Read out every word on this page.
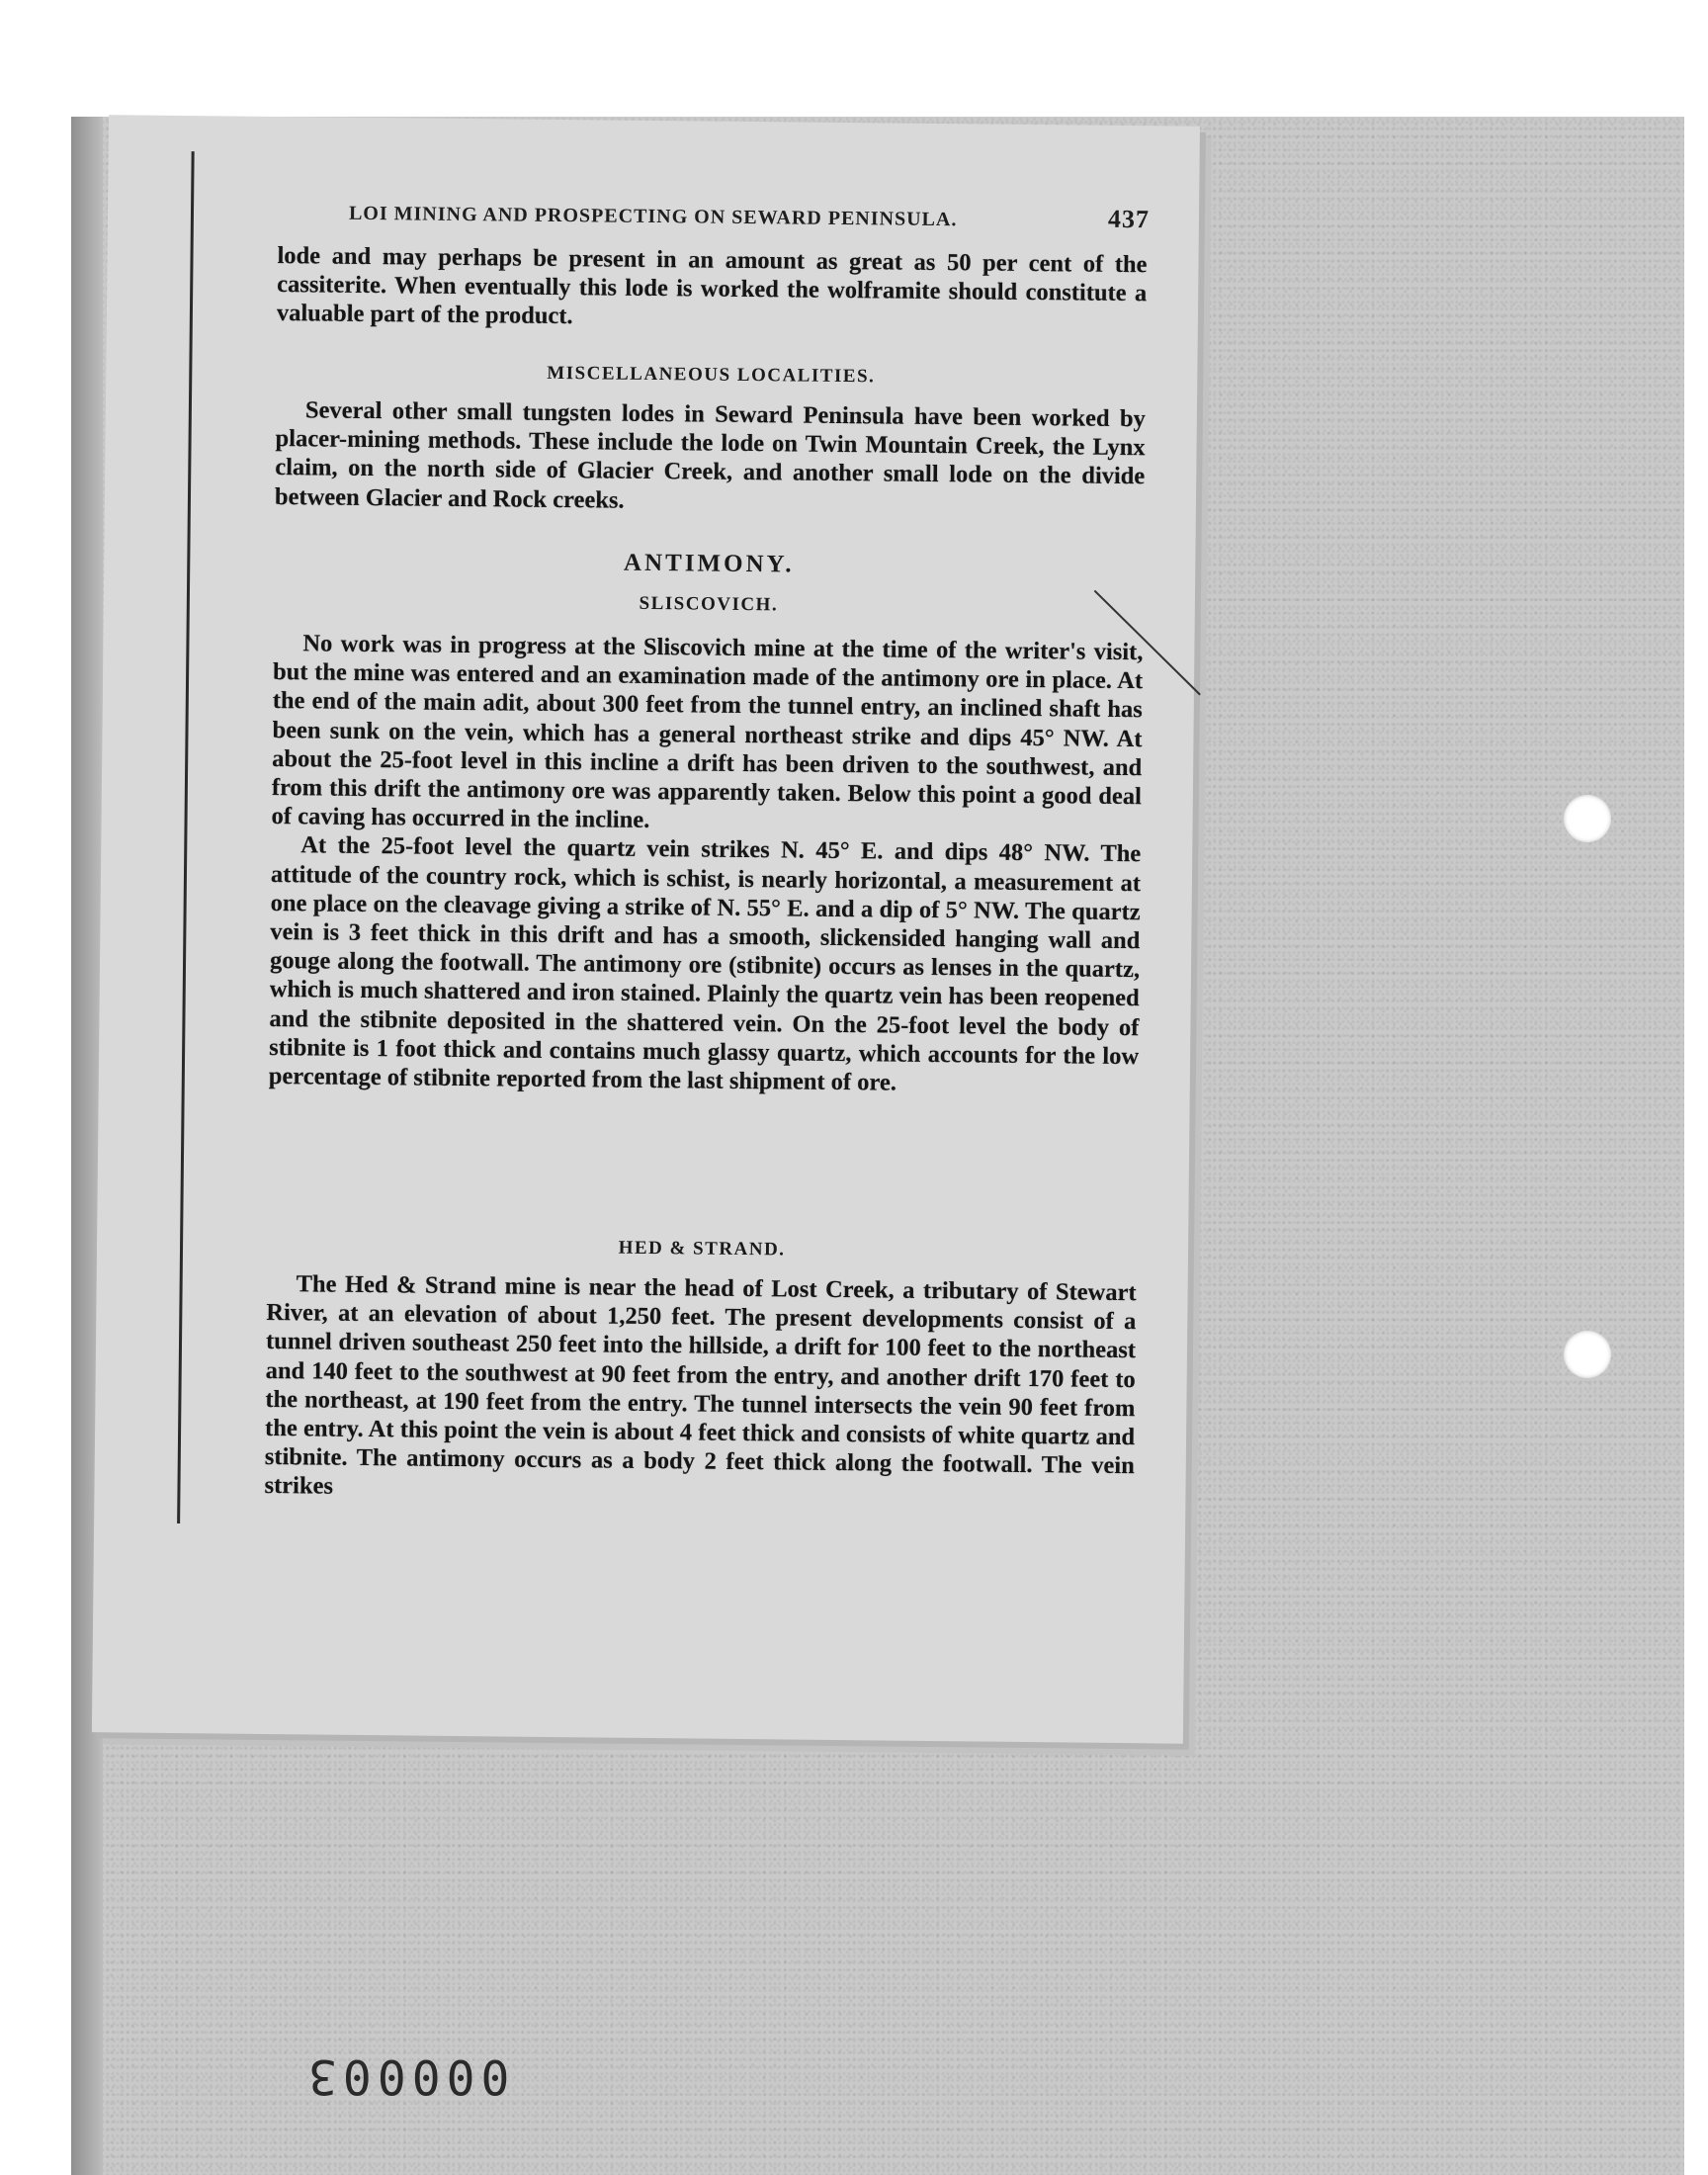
LOI MINING AND PROSPECTING ON SEWARD PENINSULA.	437

lode and may perhaps be present in an amount as great as 50 per cent of the cassiterite. When eventually this lode is worked the wolframite should constitute a valuable part of the product.

MISCELLANEOUS LOCALITIES.

Several other small tungsten lodes in Seward Peninsula have been worked by placer-mining methods. These include the lode on Twin Mountain Creek, the Lynx claim, on the north side of Glacier Creek, and another small lode on the divide between Glacier and Rock creeks.

ANTIMONY.
SLISCOVICH.

No work was in progress at the Sliscovich mine at the time of the writer's visit, but the mine was entered and an examination made of the antimony ore in place. At the end of the main adit, about 300 feet from the tunnel entry, an inclined shaft has been sunk on the vein, which has a general northeast strike and dips 45° NW. At about the 25-foot level in this incline a drift has been driven to the southwest, and from this drift the antimony ore was apparently taken. Below this point a good deal of caving has occurred in the incline.

At the 25-foot level the quartz vein strikes N. 45° E. and dips 48° NW. The attitude of the country rock, which is schist, is nearly horizontal, a measurement at one place on the cleavage giving a strike of N. 55° E. and a dip of 5° NW. The quartz vein is 3 feet thick in this drift and has a smooth, slickensided hanging wall and gouge along the footwall. The antimony ore (stibnite) occurs as lenses in the quartz, which is much shattered and iron stained. Plainly the quartz vein has been reopened and the stibnite deposited in the shattered vein. On the 25-foot level the body of stibnite is 1 foot thick and contains much glassy quartz, which accounts for the low percentage of stibnite reported from the last shipment of ore.

HED & STRAND.

The Hed & Strand mine is near the head of Lost Creek, a tributary of Stewart River, at an elevation of about 1,250 feet. The present developments consist of a tunnel driven southeast 250 feet into the hillside, a drift for 100 feet to the northeast and 140 feet to the southwest at 90 feet from the entry, and another drift 170 feet to the northeast, at 190 feet from the entry. The tunnel intersects the vein 90 feet from the entry. At this point the vein is about 4 feet thick and consists of white quartz and stibnite. The antimony occurs as a body 2 feet thick along the footwall. The vein strikes

000003
